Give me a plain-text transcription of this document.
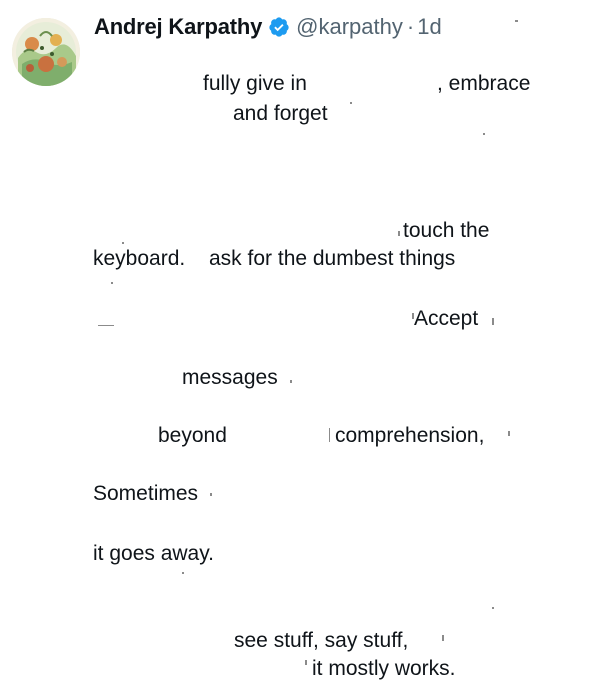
Andrej Karpathy @karpathy · 1d
fully give in	, embrace
and forget
touch the
keyboard. ask for the dumbest things
Accept
messages
beyond	comprehension,
Sometimes
it goes away.
see stuff, say stuff,
it mostly works.
